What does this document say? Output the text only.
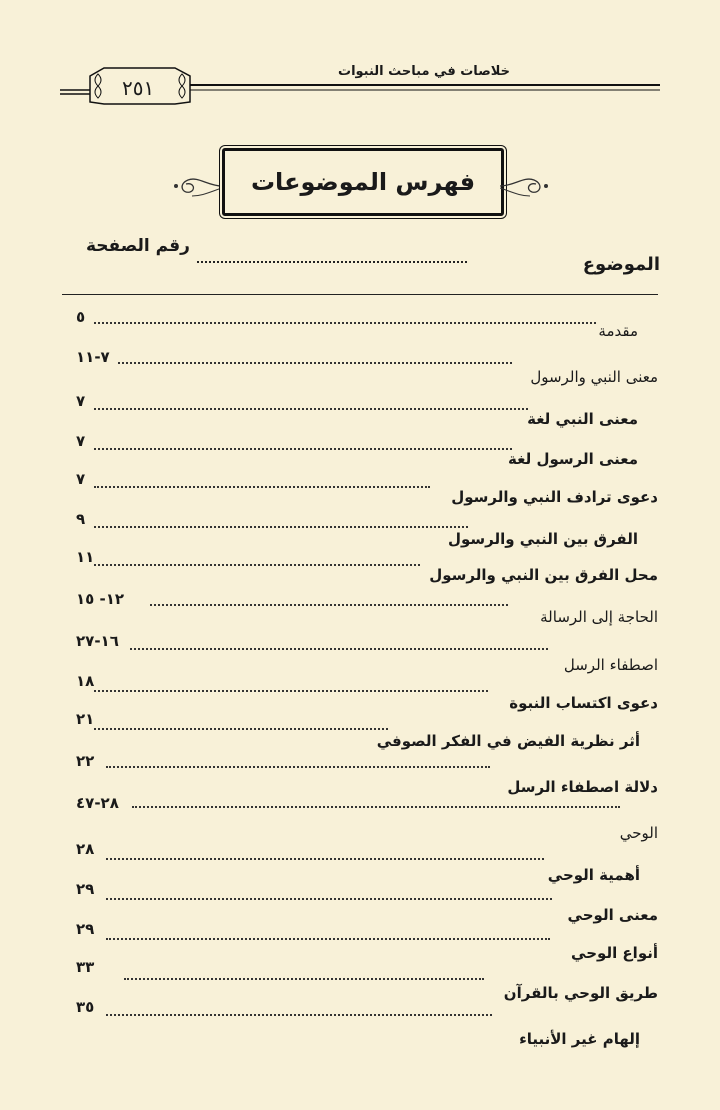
خلاصات في مباحث النبوات
٢٥١
فهرس الموضوعات
الموضوع
رقم الصفحة
٥
مقدمة
٧-١١
معنى النبي والرسول
٧
معنى النبي لغة
٧
معنى الرسول لغة
٧
دعوى ترادف النبي والرسول
٩
الفرق بين النبي والرسول
١١
محل الفرق بين النبي والرسول
١٢- ١٥
الحاجة إلى الرسالة
١٦-٢٧
اصطفاء الرسل
١٨
دعوى اكتساب النبوة
٢١
أثر نظرية الفيض في الفكر الصوفي
٢٢
دلالة اصطفاء الرسل
٢٨-٤٧
الوحي
٢٨
أهمية الوحي
٢٩
معنى الوحي
٢٩
أنواع الوحي
٣٣
طريق الوحي بالقرآن
٣٥
إلهام غير الأنبياء
